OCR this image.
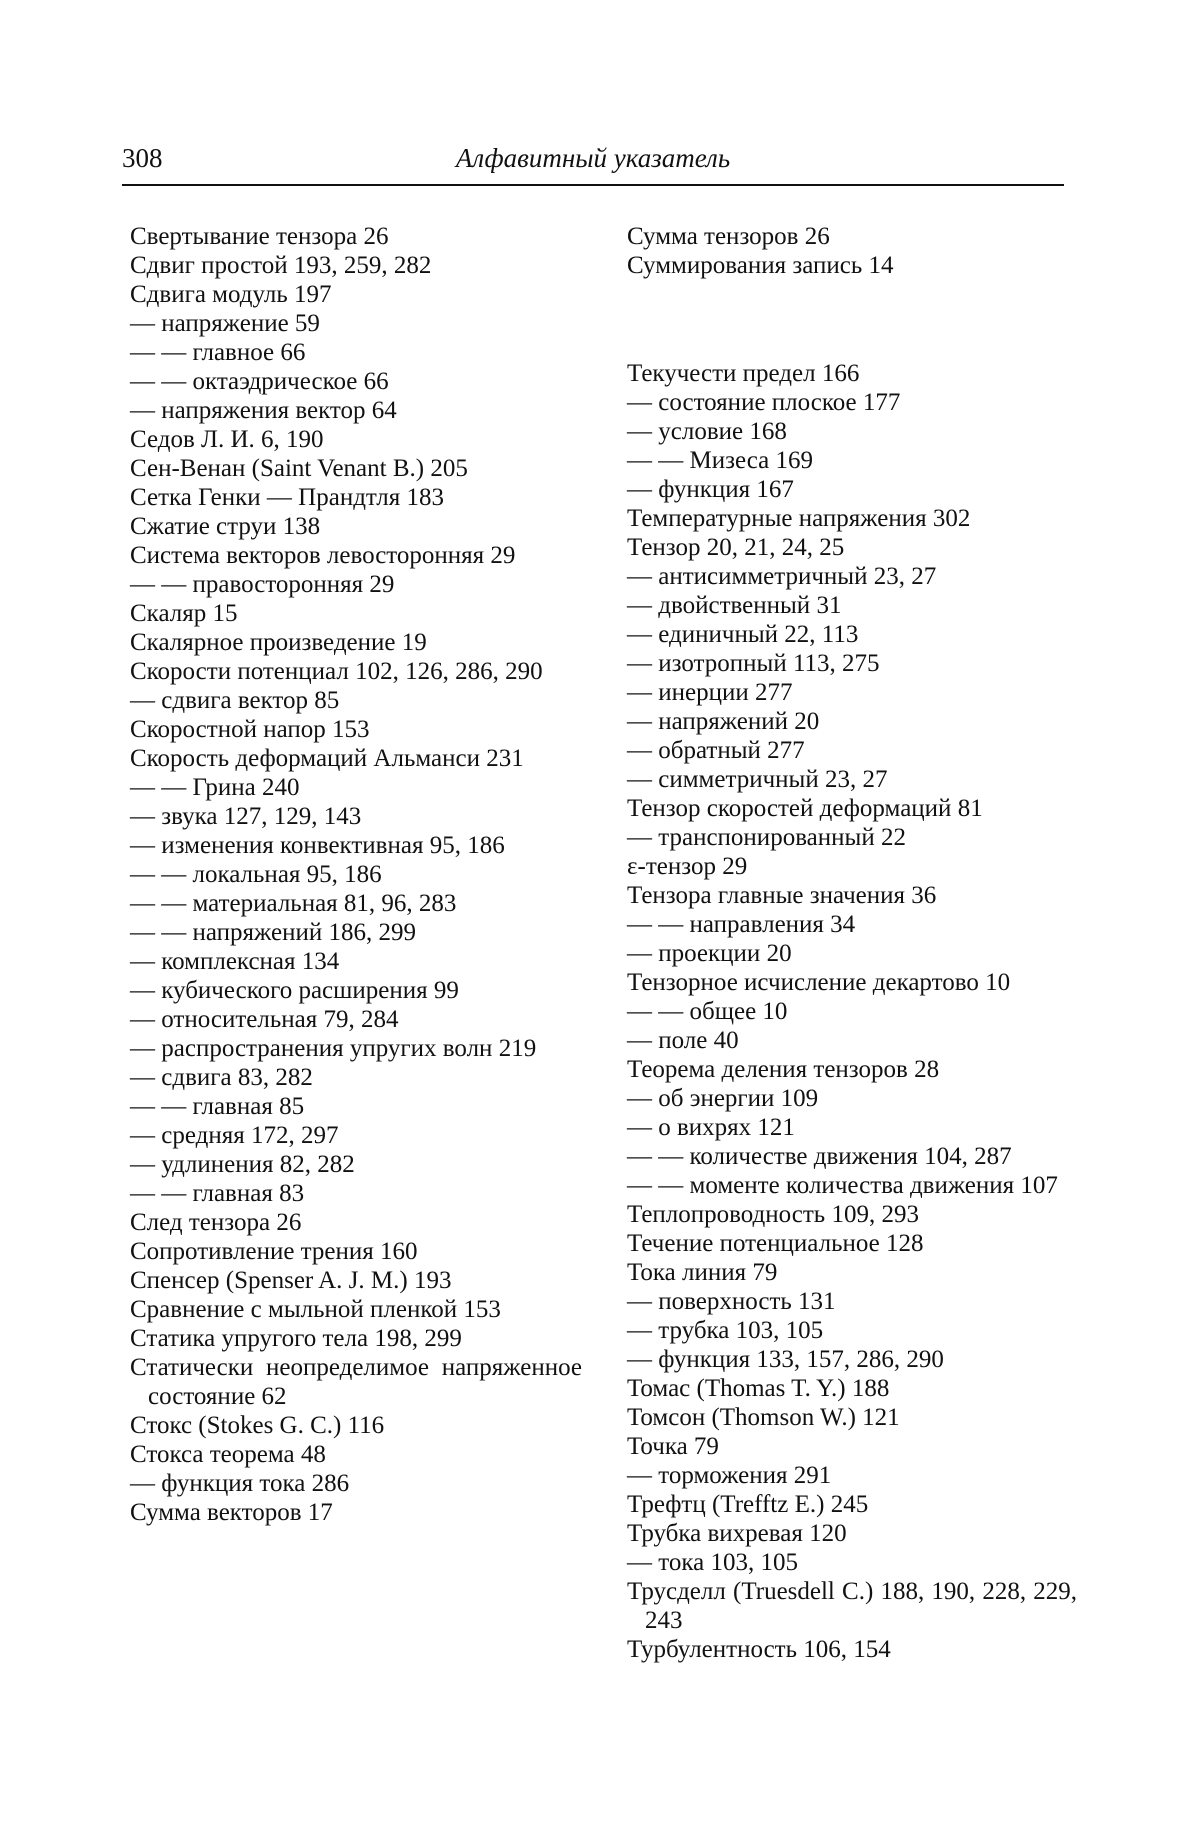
308	Алфавитный указатель

Свертывание тензора 26

Сдвиг простой 193, 259, 282

Сдвига модуль 197

— напряжение 59

— — главное 66

— — октаэдрическое 66

— напряжения вектор 64

Седов Л. И. 6, 190

Сен-Венан (Saint Venant B.) 205

Сетка Генки — Прандтля 183

Сжатие струи 138

Система векторов левосторонняя 29

— — правосторонняя 29

Скаляр 15

Скалярное произведение 19

Скорости потенциал 102, 126, 286, 290

— сдвига вектор 85

Скоростной напор 153

Скорость деформаций Альманси 231

— — Грина 240

— звука 127, 129, 143

— изменения конвективная 95, 186

— — локальная 95, 186

— — материальная 81, 96, 283

— — напряжений 186, 299

— комплексная 134

— кубического расширения 99

— относительная 79, 284

— распространения упругих волн 219

— сдвига 83, 282

— — главная 85

— средняя 172, 297

— удлинения 82, 282

— — главная 83

След тензора 26

Сопротивление трения 160

Спенсер (Spenser A. J. M.) 193

Сравнение с мыльной пленкой 153

Статика упругого тела 198, 299

Статически неопределимое напряженное состояние 62

Стокс (Stokes G. C.) 116

Стокса теорема 48

— функция тока 286

Сумма векторов 17

Сумма тензоров 26

Суммирования запись 14

Текучести предел 166

— состояние плоское 177

— условие 168

— — Мизеса 169

— функция 167

Температурные напряжения 302

Тензор 20, 21, 24, 25

— антисимметричный 23, 27

— двойственный 31

— единичный 22, 113

— изотропный 113, 275

— инерции 277

— напряжений 20

— обратный 277

— симметричный 23, 27

Тензор скоростей деформаций 81

— транспонированный 22

ε-тензор 29

Тензора главные значения 36

— — направления 34

— проекции 20

Тензорное исчисление декартово 10

— — общее 10

— поле 40

Теорема деления тензоров 28

— об энергии 109

— о вихрях 121

— — количестве движения 104, 287

— — моменте количества движения 107

Теплопроводность 109, 293

Течение потенциальное 128

Тока линия 79

— поверхность 131

— трубка 103, 105

— функция 133, 157, 286, 290

Томас (Thomas T. Y.) 188

Томсон (Thomson W.) 121

Точка 79

— торможения 291

Трефтц (Trefftz E.) 245

Трубка вихревая 120

— тока 103, 105

Труcделл (Truesdell C.) 188, 190, 228, 229, 243

Турбулентность 106, 154
